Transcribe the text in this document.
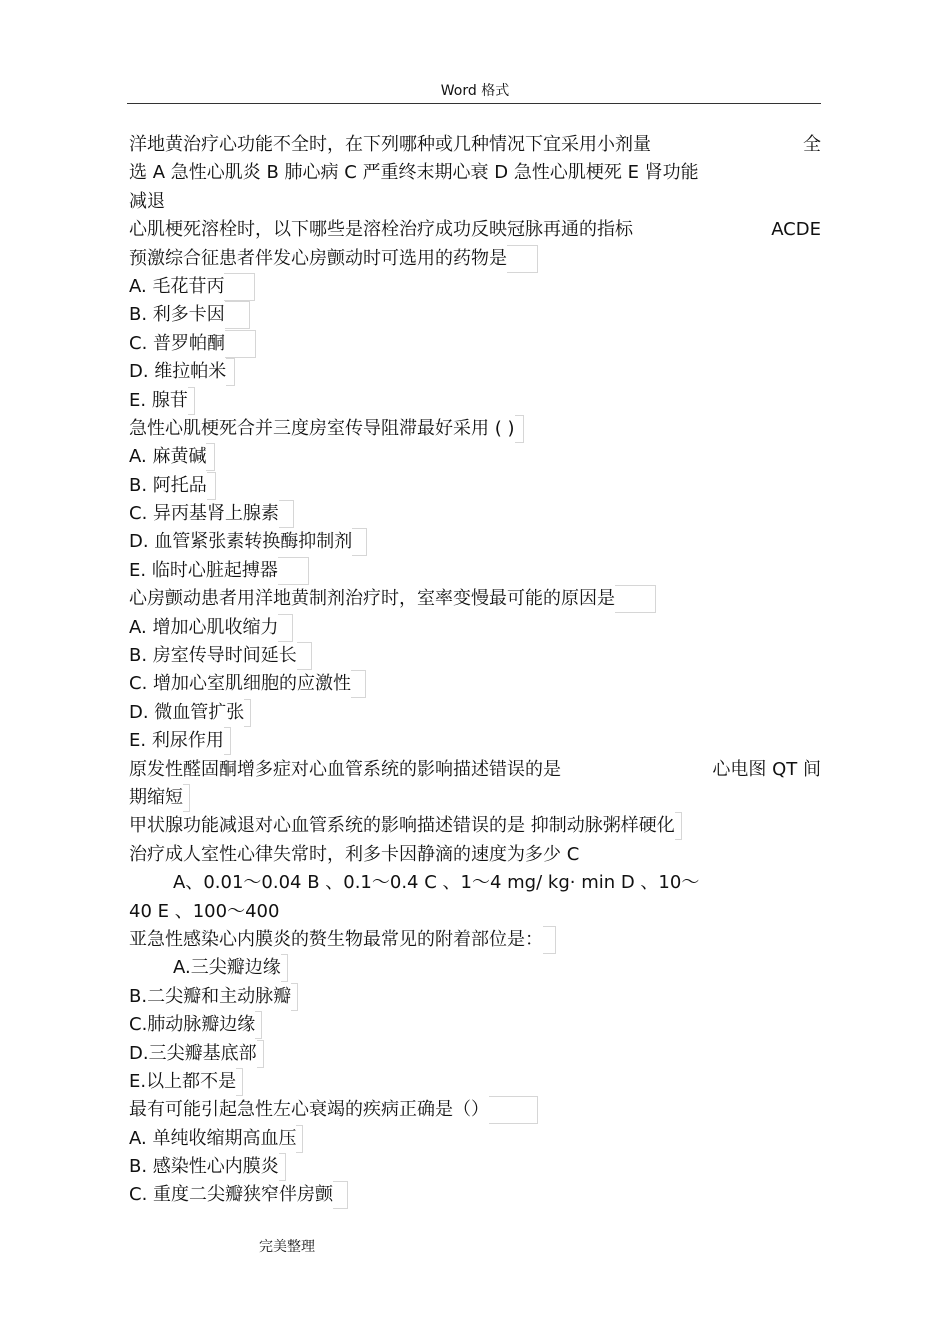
Word 格式
洋地黄治疗心功能不全时，在下列哪种或几种情况下宜采用小剂量	全
选 A 急性心肌炎 B 肺心病 C 严重终末期心衰 D 急性心肌梗死 E 肾功能
减退
心肌梗死溶栓时，以下哪些是溶栓治疗成功反映冠脉再通的指标	ACDE
预激综合征患者伴发心房颤动时可选用的药物是
A. 毛花苷丙
B. 利多卡因
C. 普罗帕酮
D. 维拉帕米
E. 腺苷
急性心肌梗死合并三度房室传导阻滞最好采用 ( )
A. 麻黄碱
B. 阿托品
C. 异丙基肾上腺素
D. 血管紧张素转换酶抑制剂
E. 临时心脏起搏器
心房颤动患者用洋地黄制剂治疗时，室率变慢最可能的原因是
A. 增加心肌收缩力
B. 房室传导时间延长
C. 增加心室肌细胞的应激性
D. 微血管扩张
E. 利尿作用
原发性醛固酮增多症对心血管系统的影响描述错误的是	心电图 QT 间
期缩短
甲状腺功能减退对心血管系统的影响描述错误的是 抑制动脉粥样硬化
治疗成人室性心律失常时，利多卡因静滴的速度为多少 C
A、0.01～0.04 B 、0.1～0.4 C 、1～4 mg/ kg· min D 、10～
40 E 、100～400
亚急性感染心内膜炎的赘生物最常见的附着部位是：
A.三尖瓣边缘
B.二尖瓣和主动脉瓣
C.肺动脉瓣边缘
D.三尖瓣基底部
E.以上都不是
最有可能引起急性左心衰竭的疾病正确是（）
A. 单纯收缩期高血压
B. 感染性心内膜炎
C. 重度二尖瓣狭窄伴房颤
完美整理
